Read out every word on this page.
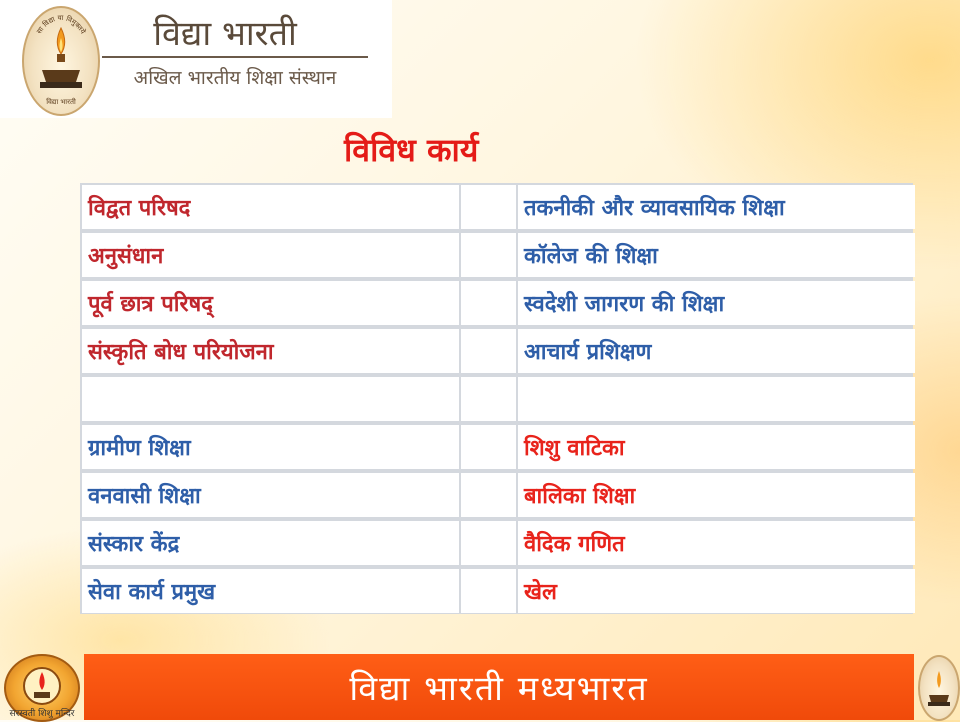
सा विद्या या विमुक्तये
विद्या भारती
विद्या भारती
अखिल भारतीय शिक्षा संस्थान
विविध कार्य
विद्वत परिषद	तकनीकी और व्यावसायिक शिक्षा
अनुसंधान	कॉलेज की शिक्षा
पूर्व छात्र परिषद्	स्वदेशी जागरण की शिक्षा
संस्कृति बोध परियोजना	आचार्य प्रशिक्षण
ग्रामीण शिक्षा	शिशु वाटिका
वनवासी शिक्षा	बालिका शिक्षा
संस्कार केंद्र	वैदिक गणित
सेवा कार्य प्रमुख	खेल
सरस्वती शिशु मन्दिर
विद्या भारती मध्यभारत
